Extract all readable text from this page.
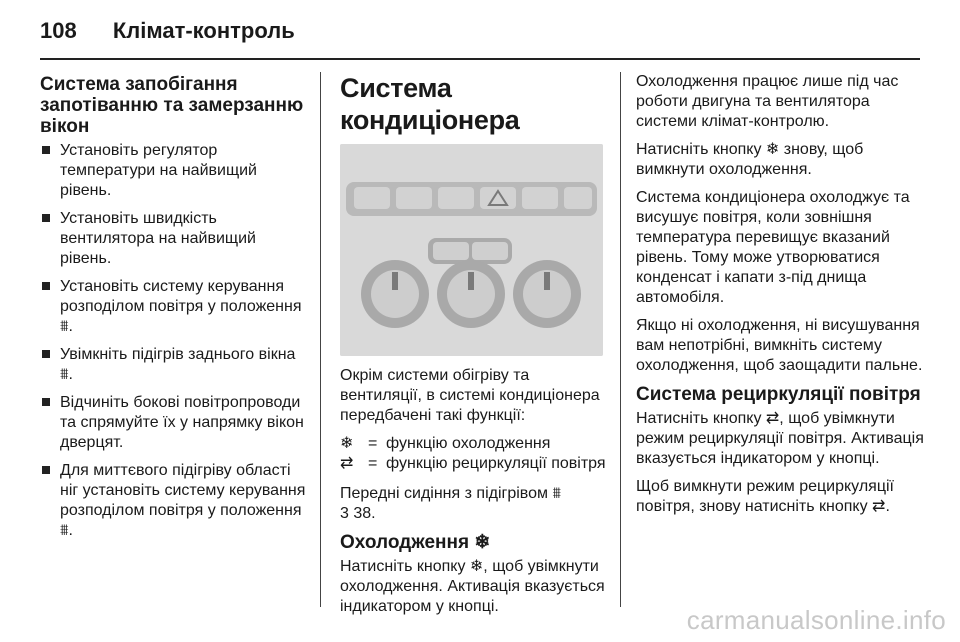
108 Клімат-контроль
Система запобігання запотіванню та замерзанню вікон
Установіть регулятор температури на найвищий рівень.
Установіть швидкість вентилятора на найвищий рівень.
Установіть систему керування розподілом повітря у положення ⩩.
Увімкніть підігрів заднього вікна ⩩.
Відчиніть бокові повітропроводи та спрямуйте їх у напрямку вікон дверцят.
Для миттєвого підігріву області ніг установіть систему керування розподілом повітря у положення ⩩.
Система кондиціонера

Окрім системи обігріву та вентиляції, в системі кондиціонера передбачені такі функції:

❄ = функцію охолодження
⇄ = функцію рециркуляції повітря

Передні сидіння з підігрівом ⩩
3 38.

Охолодження ❄

Натисніть кнопку ❄, щоб увімкнути охолодження. Активація вказується індикатором у кнопці.

Охолодження працює лише під час роботи двигуна та вентилятора системи клімат-контролю.

Натисніть кнопку ❄ знову, щоб вимкнути охолодження.

Система кондиціонера охолоджує та висушує повітря, коли зовнішня температура перевищує вказаний рівень. Тому може утворюватися конденсат і капати з-під днища автомобіля.

Якщо ні охолодження, ні висушування вам непотрібні, вимкніть систему охолодження, щоб заощадити пальне.

Система рециркуляції повітря

Натисніть кнопку ⇄, щоб увімкнути режим рециркуляції повітря. Активація вказується індикатором у кнопці.

Щоб вимкнути режим рециркуляції повітря, знову натисніть кнопку ⇄.

carmanualsonline.info
